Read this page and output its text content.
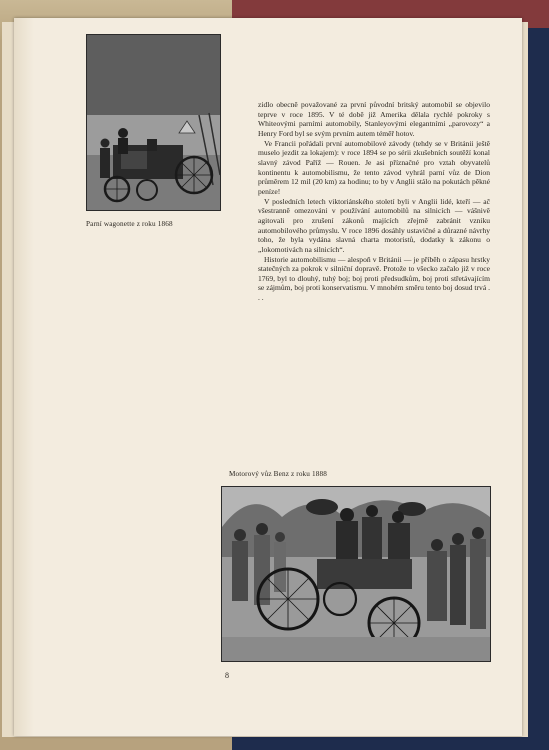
Parní wagonette z roku 1868

zidlo obecně považované za první původní britský automobil se objevilo teprve v roce 1895. V té době již Amerika dělala rychlé pokroky s Whiteovými parními automobily, Stanleyovými elegantními „parovozy“ a Henry Ford byl se svým prvním autem téměř hotov.

Ve Francii pořádali první automobilové závody (tehdy se v Británii ještě muselo jezdit za lokajem): v roce 1894 se po sérii zkušebních soutěží konal slavný závod Paříž — Rouen. Je asi příznačné pro vztah obyvatelů kontinentu k automobilismu, že tento závod vyhrál parní vůz de Dion průměrem 12 mil (20 km) za hodinu; to by v Anglii stálo na pokutách pěkné peníze!

V posledních letech viktoriánského století byli v Anglii lidé, kteří — ač všestranně omezováni v používání automobilů na silnicích — vášnivě agitovali pro zrušení zákonů majících zřejmě zabránit vzniku automobilového průmyslu. V roce 1896 dosáhly ustavičné a důrazné návrhy toho, že byla vydána slavná charta motoristů, dodatky k zákonu o „lokomotivách na silnicích“.

Historie automobilismu — alespoň v Británii — je příběh o zápasu hrstky statečných za pokrok v silniční dopravě. Protože to všecko začalo již v roce 1769, byl to dlouhý, tuhý boj; boj proti předsudkům, boj proti střetávajícím se zájmům, boj proti konservatismu. V mnohém směru tento boj dosud trvá . . .

Motorový vůz Benz z roku 1888
8
